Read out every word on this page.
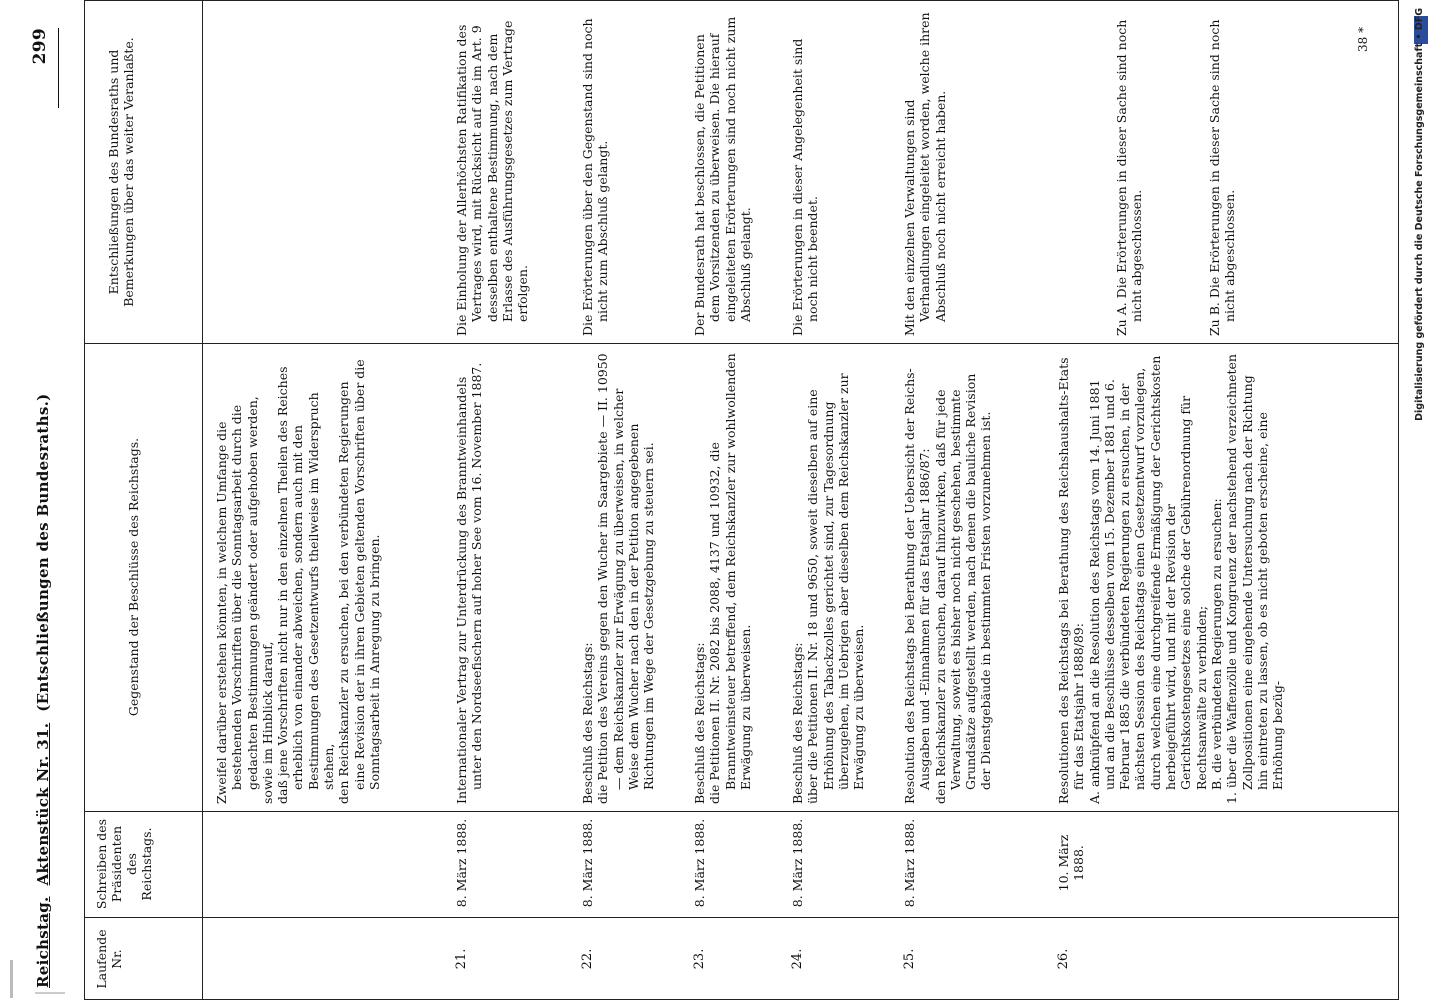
Reichstag.  Aktenstück Nr. 31.  (Entschließungen des Bundesraths.)
299
Laufende Nr.
Schreiben des Präsidenten des Reichstags.
Gegenstand der Beschlüsse des Reichstags.
Entschließungen des Bundesraths und Bemerkungen über das weiter Veranlaßte.

Zweifel darüber erstehen könnten, in welchem Umfange die bestehenden Vorschriften über die Sonntagsarbeit durch die gedachten Bestimmungen geändert oder aufgehoben werden, sowie im Hinblick darauf, daß jene Vorschriften nicht nur in den einzelnen Theilen des Reiches erheblich von einander abweichen, sondern auch mit den Bestimmungen des Gesetzentwurfs theilweise im Widerspruch stehen, den Reichskanzler zu ersuchen, bei den verbündeten Regierungen eine Revision der in ihren Gebieten geltenden Vorschriften über die Sonntagsarbeit in Anregung zu bringen.

21.
8. März 1888.

Internationaler Vertrag zur Unterdrückung des Branntweinhandels unter den Nordseefischern auf hoher See vom 16. November 1887.

Die Einholung der Allerhöchsten Ratifikation des Vertrages wird, mit Rücksicht auf die im Art. 9 desselben enthaltene Bestimmung, nach dem Erlasse des Ausführungsgesetzes zum Vertrage erfolgen.

22.
8. März 1888.

Beschluß des Reichstags: die Petition des Vereins gegen den Wucher im Saargebiete — II. 10950 — dem Reichskanzler zur Erwägung zu überweisen, in welcher Weise dem Wucher nach den in der Petition angegebenen Richtungen im Wege der Gesetzgebung zu steuern sei.

Die Erörterungen über den Gegenstand sind noch nicht zum Abschluß gelangt.

23.
8. März 1888.

Beschluß des Reichstags: die Petitionen II. Nr. 2082 bis 2088, 4137 und 10932, die Branntweinsteuer betreffend, dem Reichskanzler zur wohlwollenden Erwägung zu überweisen.

Der Bundesrath hat beschlossen, die Petitionen dem Vorsitzenden zu überweisen. Die hierauf eingeleiteten Erörterungen sind noch nicht zum Abschluß gelangt.

24.
8. März 1888.

Beschluß des Reichstags: über die Petitionen II. Nr. 18 und 9650, soweit dieselben auf eine Erhöhung des Tabackzolles gerichtet sind, zur Tagesordnung überzugehen, im Uebrigen aber dieselben dem Reichskanzler zur Erwägung zu überweisen.

Die Erörterungen in dieser Angelegenheit sind noch nicht beendet.

25.
8. März 1888.

Resolution des Reichstags bei Berathung der Uebersicht der Reichs-Ausgaben und -Einnahmen für das Etatsjahr 1886/87: den Reichskanzler zu ersuchen, darauf hinzuwirken, daß für jede Verwaltung, soweit es bisher noch nicht geschehen, bestimmte Grundsätze aufgestellt werden, nach denen die bauliche Revision der Dienstgebäude in bestimmten Fristen vorzunehmen ist.

Mit den einzelnen Verwaltungen sind Verhandlungen eingeleitet worden, welche ihren Abschluß noch nicht erreicht haben.

26.
10. März 1888.

Resolutionen des Reichstags bei Berathung des Reichshaushalts-Etats für das Etatsjahr 1888/89: A. anknüpfend an die Resolution des Reichstags vom 14. Juni 1881 und an die Beschlüsse desselben vom 15. Dezember 1881 und 6. Februar 1885 die verbündeten Regierungen zu ersuchen, in der nächsten Session des Reichstags einen Gesetzentwurf vorzulegen, durch welchen eine durchgreifende Ermäßigung der Gerichtskosten herbeigeführt wird, und mit der Revision der Gerichtskostengesetzes eine solche der Gebührenordnung für Rechtsanwälte zu verbinden; B. die verbündeten Regierungen zu ersuchen: 1. über die Waffenzölle und Kongruenz der nachstehend verzeichneten Zollpositionen eine eingehende Untersuchung nach der Richtung hin eintreten zu lassen, ob es nicht geboten erscheine, eine Erhöhung bezüg-

Zu A. Die Erörterungen in dieser Sache sind noch nicht abgeschlossen.	Zu B. Die Erörterungen in dieser Sache sind noch nicht abgeschlossen.

38 *	Digitalisierung gefördert durch die Deutsche Forschungsgemeinschaft • DFG
